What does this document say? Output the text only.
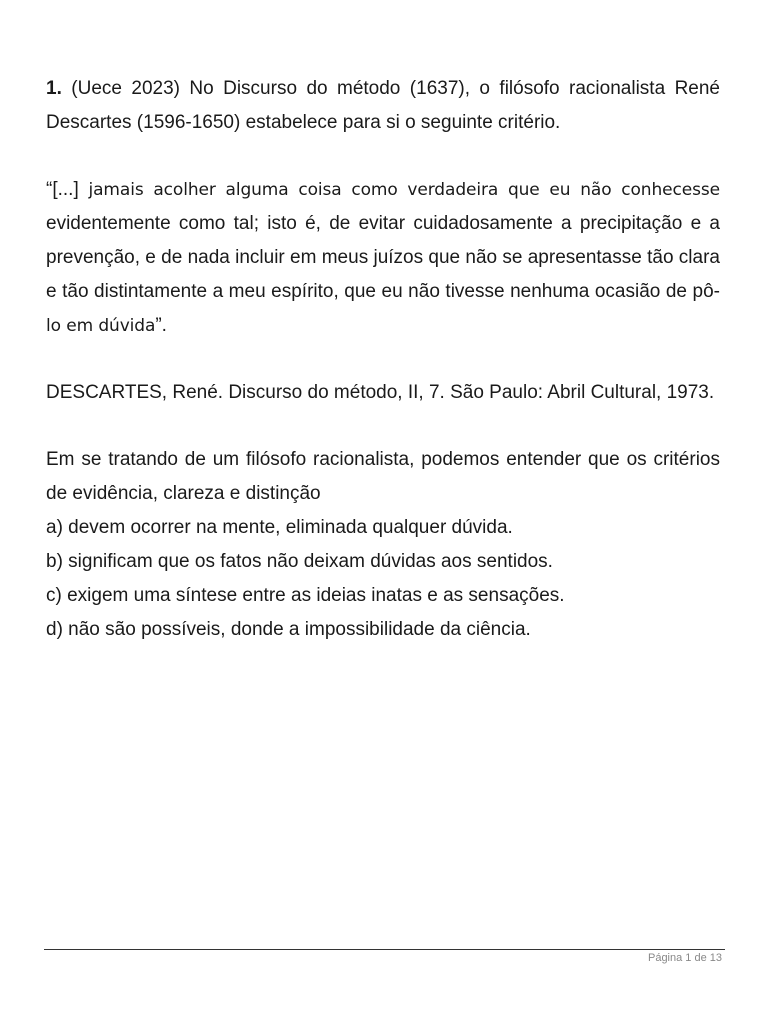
1. (Uece 2023) No Discurso do método (1637), o filósofo racionalista René Descartes (1596-1650) estabelece para si o seguinte critério.

“[...] jamais acolher alguma coisa como verdadeira que eu não conhecesse evidentemente como tal; isto é, de evitar cuidadosamente a precipitação e a prevenção, e de nada incluir em meus juízos que não se apresentasse tão clara e tão distintamente a meu espírito, que eu não tivesse nenhuma ocasião de pô-lo em dúvida”.

DESCARTES, René. Discurso do método, II, 7. São Paulo: Abril Cultural, 1973.

Em se tratando de um filósofo racionalista, podemos entender que os critérios de evidência, clareza e distinção

a) devem ocorrer na mente, eliminada qualquer dúvida.

b) significam que os fatos não deixam dúvidas aos sentidos.

c) exigem uma síntese entre as ideias inatas e as sensações.

d) não são possíveis, donde a impossibilidade da ciência.

Página 1 de 13
